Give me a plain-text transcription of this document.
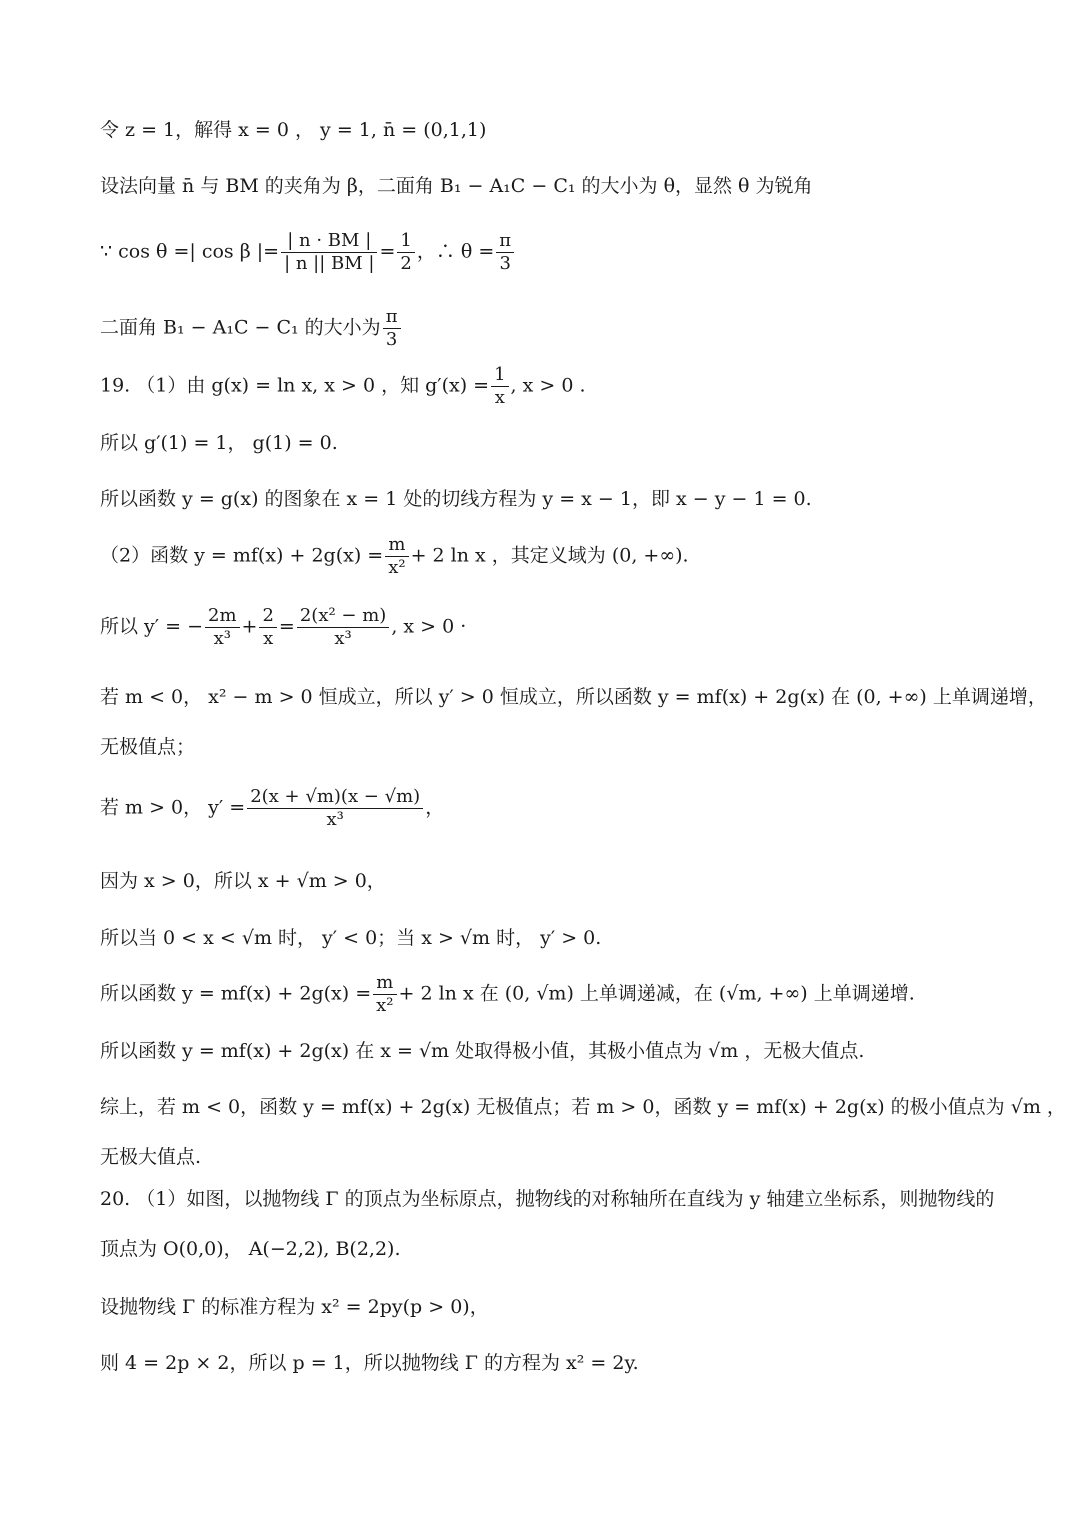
令 z = 1，解得 x = 0 ， y = 1, n̄ = (0,1,1)
设法向量 n̄ 与 BM 的夹角为 β，二面角 B₁ − A₁C − C₁ 的大小为 θ，显然 θ 为锐角
∵ cos θ =| cos β |= $\frac{| n \cdot BM |}{| n || BM |} = \frac{1}{2}$ ，∴ $\theta = \frac{\pi}{3}$
二面角 B₁ − A₁C − C₁ 的大小为 $\frac{\pi}{3}$
19. （1）由 g(x) = ln x, x > 0 ，知 $g'(x) = \frac{1}{x}$ , x > 0 .
所以 g′(1) = 1， g(1) = 0.
所以函数 y = g(x) 的图象在 x = 1 处的切线方程为 y = x − 1，即 x − y − 1 = 0.
（2）函数 $y = mf(x) + 2g(x) = \frac{m}{\text{x²}} + 2$ ln x ，其定义域为 (0, +∞).
所以 y′ = − $\frac{2m}{\text{x³}} + \frac{2}{x} = \frac{\text{2(x² − m)}}{\text{x³}}$ , x > 0 ·
若 m < 0， x² − m > 0 恒成立，所以 y′ > 0 恒成立，所以函数 y = mf(x) + 2g(x) 在 (0, +∞) 上单调递增，
无极值点；
若 m > 0， $y' = \frac{2(x + √m)(x - √m)}{\text{x³}}$ ，
因为 x > 0，所以 x + √m > 0，
所以当 0 < x < √m 时， y′ < 0；当 x > √m 时， y′ > 0.
所以函数 $y = mf(x) + 2g(x) = \frac{m}{\text{x²}} + 2$ ln x 在 (0, √m) 上单调递减，在 (√m, +∞) 上单调递增.
所以函数 y = mf(x) + 2g(x) 在 x = √m 处取得极小值，其极小值点为 √m ，无极大值点.
综上，若 m < 0，函数 y = mf(x) + 2g(x) 无极值点；若 m > 0，函数 y = mf(x) + 2g(x) 的极小值点为 √m ，
无极大值点.
20. （1）如图，以抛物线 Γ 的顶点为坐标原点，抛物线的对称轴所在直线为 y 轴建立坐标系，则抛物线的
顶点为 O(0,0)， A(−2,2), B(2,2).
设抛物线 Γ 的标准方程为 x² = 2py(p > 0)，
则 4 = 2p × 2，所以 p = 1，所以抛物线 Γ 的方程为 x² = 2y.
